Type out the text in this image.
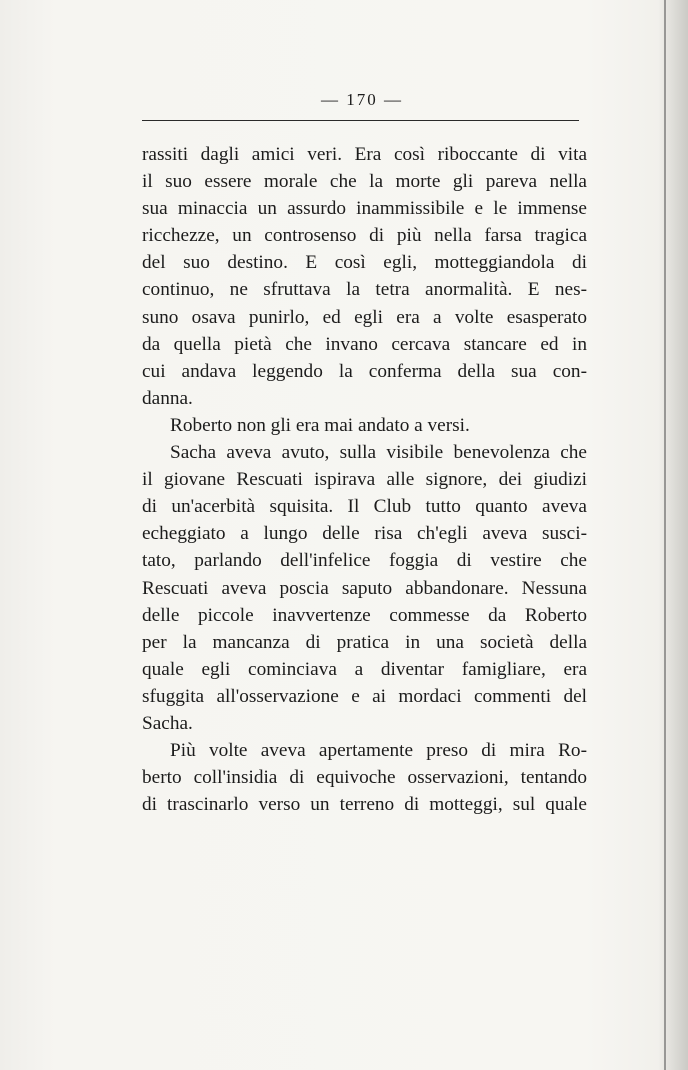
— 170 —
rassiti dagli amici veri. Era così riboccante di vita
il suo essere morale che la morte gli pareva nella
sua minaccia un assurdo inammissibile e le immense
ricchezze, un controsenso di più nella farsa tragica
del suo destino. E così egli, motteggiandola di
continuo, ne sfruttava la tetra anormalità. E nes-
suno osava punirlo, ed egli era a volte esasperato
da quella pietà che invano cercava stancare ed in
cui andava leggendo la conferma della sua con-
danna.
Roberto non gli era mai andato a versi.
Sacha aveva avuto, sulla visibile benevolenza che
il giovane Rescuati ispirava alle signore, dei giudizi
di un'acerbità squisita. Il Club tutto quanto aveva
echeggiato a lungo delle risa ch'egli aveva susci-
tato, parlando dell'infelice foggia di vestire che
Rescuati aveva poscia saputo abbandonare. Nessuna
delle piccole inavvertenze commesse da Roberto
per la mancanza di pratica in una società della
quale egli cominciava a diventar famigliare, era
sfuggita all'osservazione e ai mordaci commenti del
Sacha.
Più volte aveva apertamente preso di mira Ro-
berto coll'insidia di equivoche osservazioni, tentando
di trascinarlo verso un terreno di motteggi, sul quale
